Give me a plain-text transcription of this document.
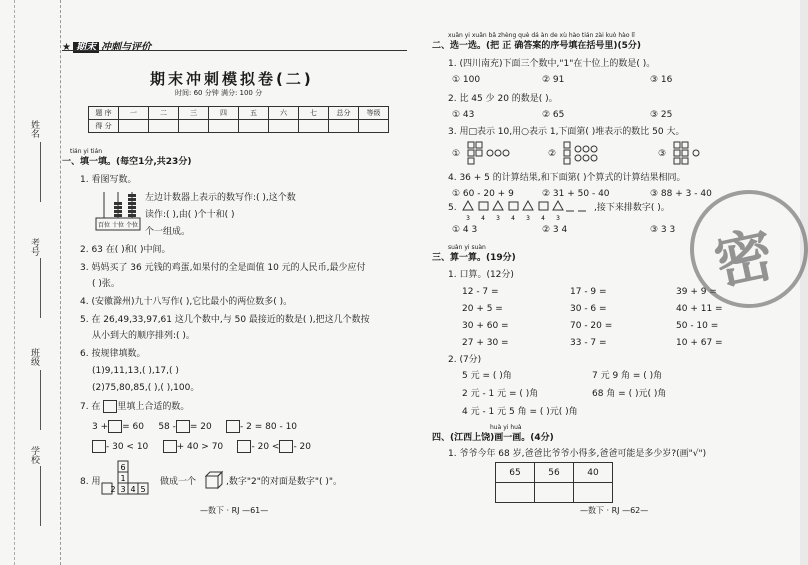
姓名
考号
班级
学校
★ 期末 冲刺与评价
期末冲刺模拟卷(二)
时间: 60 分钟 满分: 100 分
题 序	一	二	三	四	五	六	七	总分	等级
得 分									
tián yi tián
一、填一填。(每空1分,共23分)
1. 看图写数。
百位 十位 个位
左边计数器上表示的数写作:( ),这个数
读作:( ),由( )个十和( )
个一组成。
2. 63 在( )和( )中间。
3. 妈妈买了 36 元钱的鸡蛋,如果付的全是面值 10 元的人民币,最少应付
( )张。
4. (安徽滁州)九十八写作( ),它比最小的两位数多( )。
5. 在 26,49,33,97,61 这几个数中,与 50 最接近的数是( ),把这几个数按
从小到大的顺序排列:( )。
6. 按规律填数。
(1)9,11,13,( ),17,( )
(2)75,80,85,( ),( ),100。
7. 在 里填上合适的数。
3 + = 60 58 - = 20	- 2 = 80 - 10
- 30 < 10	+ 40 > 70	- 20 < - 20
6
1
3 4 5
2
8. 用	做成一个	,数字"2"的对面是数字"( )"。
—数下 · RJ —61—
xuǎn yi xuǎn bǎ zhèng què dá àn de xù hào tián zài kuò hào lǐ
二、选一选。(把 正 确答案的序号填在括号里)(5分)
1. (四川南充)下面三个数中,"1"在十位上的数是( )。
① 100	② 91	③ 16
2. 比 45 少 20 的数是( )。
① 43	② 65	③ 25
3. 用□表示 10,用○表示 1,下面第( )堆表示的数比 50 大。
①	②	③
4. 36 + 5 的计算结果,和下面第( )个算式的计算结果相同。
① 60 - 20 + 9	② 31 + 50 - 40	③ 88 + 3 - 40
5.
3 4 3 4 3 4 3
,接下来排数字( )。
① 4 3	② 3 4	③ 3 3
suàn yi suàn
三、算一算。(19分)
1. 口算。(12分)
12 - 7 =	17 - 9 =	39 + 9 =
20 + 5 =	30 - 6 =	40 + 11 =
30 + 60 =	70 - 20 =	50 - 10 =
27 + 30 =	33 - 7 =	10 + 67 =
2. (7分)
5 元 = ( )角	7 元 9 角 = ( )角
2 元 - 1 元 = ( )角	68 角 = ( )元( )角
4 元 - 1 元 5 角 = ( )元( )角
huà yi huà
四、(江西上饶)画一画。(4分)
1. 爷爷今年 68 岁,爸爸比爷爷小得多,爸爸可能是多少岁?(画"√")
65	56	40

—数下 · RJ —62—
密
